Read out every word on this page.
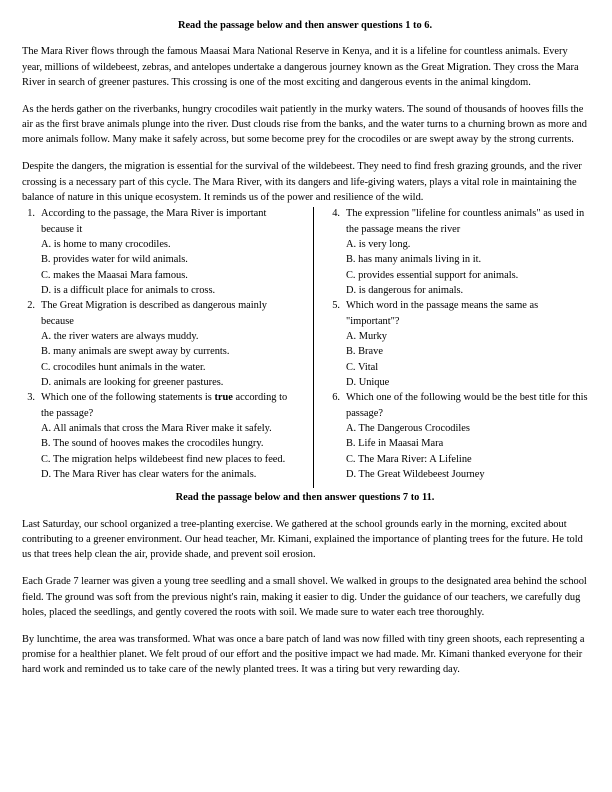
Read the passage below and then answer questions 1 to 6.

The Mara River flows through the famous Maasai Mara National Reserve in Kenya, and it is a lifeline for countless animals. Every year, millions of wildebeest, zebras, and antelopes undertake a dangerous journey known as the Great Migration. They cross the Mara River in search of greener pastures. This crossing is one of the most exciting and dangerous events in the animal kingdom.

As the herds gather on the riverbanks, hungry crocodiles wait patiently in the murky waters. The sound of thousands of hooves fills the air as the first brave animals plunge into the river. Dust clouds rise from the banks, and the water turns to a churning brown as more and more animals follow. Many make it safely across, but some become prey for the crocodiles or are swept away by the strong currents.

Despite the dangers, the migration is essential for the survival of the wildebeest. They need to find fresh grazing grounds, and the river crossing is a necessary part of this cycle. The Mara River, with its dangers and life-giving waters, plays a vital role in maintaining the balance of nature in this unique ecosystem. It reminds us of the power and resilience of the wild.

1. According to the passage, the Mara River is important because it

A. is home to many crocodiles.

B. provides water for wild animals.

C. makes the Maasai Mara famous.

D. is a difficult place for animals to cross.

2. The Great Migration is described as dangerous mainly because

A. the river waters are always muddy.

B. many animals are swept away by currents.

C. crocodiles hunt animals in the water.

D. animals are looking for greener pastures.

3. Which one of the following statements is true according to the passage?

A. All animals that cross the Mara River make it safely.

B. The sound of hooves makes the crocodiles hungry.

C. The migration helps wildebeest find new places to feed.

D. The Mara River has clear waters for the animals.

4. The expression "lifeline for countless animals" as used in the passage means the river

A. is very long.

B. has many animals living in it.

C. provides essential support for animals.

D. is dangerous for animals.

5. Which word in the passage means the same as "important"?

A. Murky

B. Brave

C. Vital

D. Unique

6. Which one of the following would be the best title for this passage?

A. The Dangerous Crocodiles

B. Life in Maasai Mara

C. The Mara River: A Lifeline

D. The Great Wildebeest Journey

Read the passage below and then answer questions 7 to 11.

Last Saturday, our school organized a tree-planting exercise. We gathered at the school grounds early in the morning, excited about contributing to a greener environment. Our head teacher, Mr. Kimani, explained the importance of planting trees for the future. He told us that trees help clean the air, provide shade, and prevent soil erosion.

Each Grade 7 learner was given a young tree seedling and a small shovel. We walked in groups to the designated area behind the school field. The ground was soft from the previous night's rain, making it easier to dig. Under the guidance of our teachers, we carefully dug holes, placed the seedlings, and gently covered the roots with soil. We made sure to water each tree thoroughly.

By lunchtime, the area was transformed. What was once a bare patch of land was now filled with tiny green shoots, each representing a promise for a healthier planet. We felt proud of our effort and the positive impact we had made. Mr. Kimani thanked everyone for their hard work and reminded us to take care of the newly planted trees. It was a tiring but very rewarding day.
